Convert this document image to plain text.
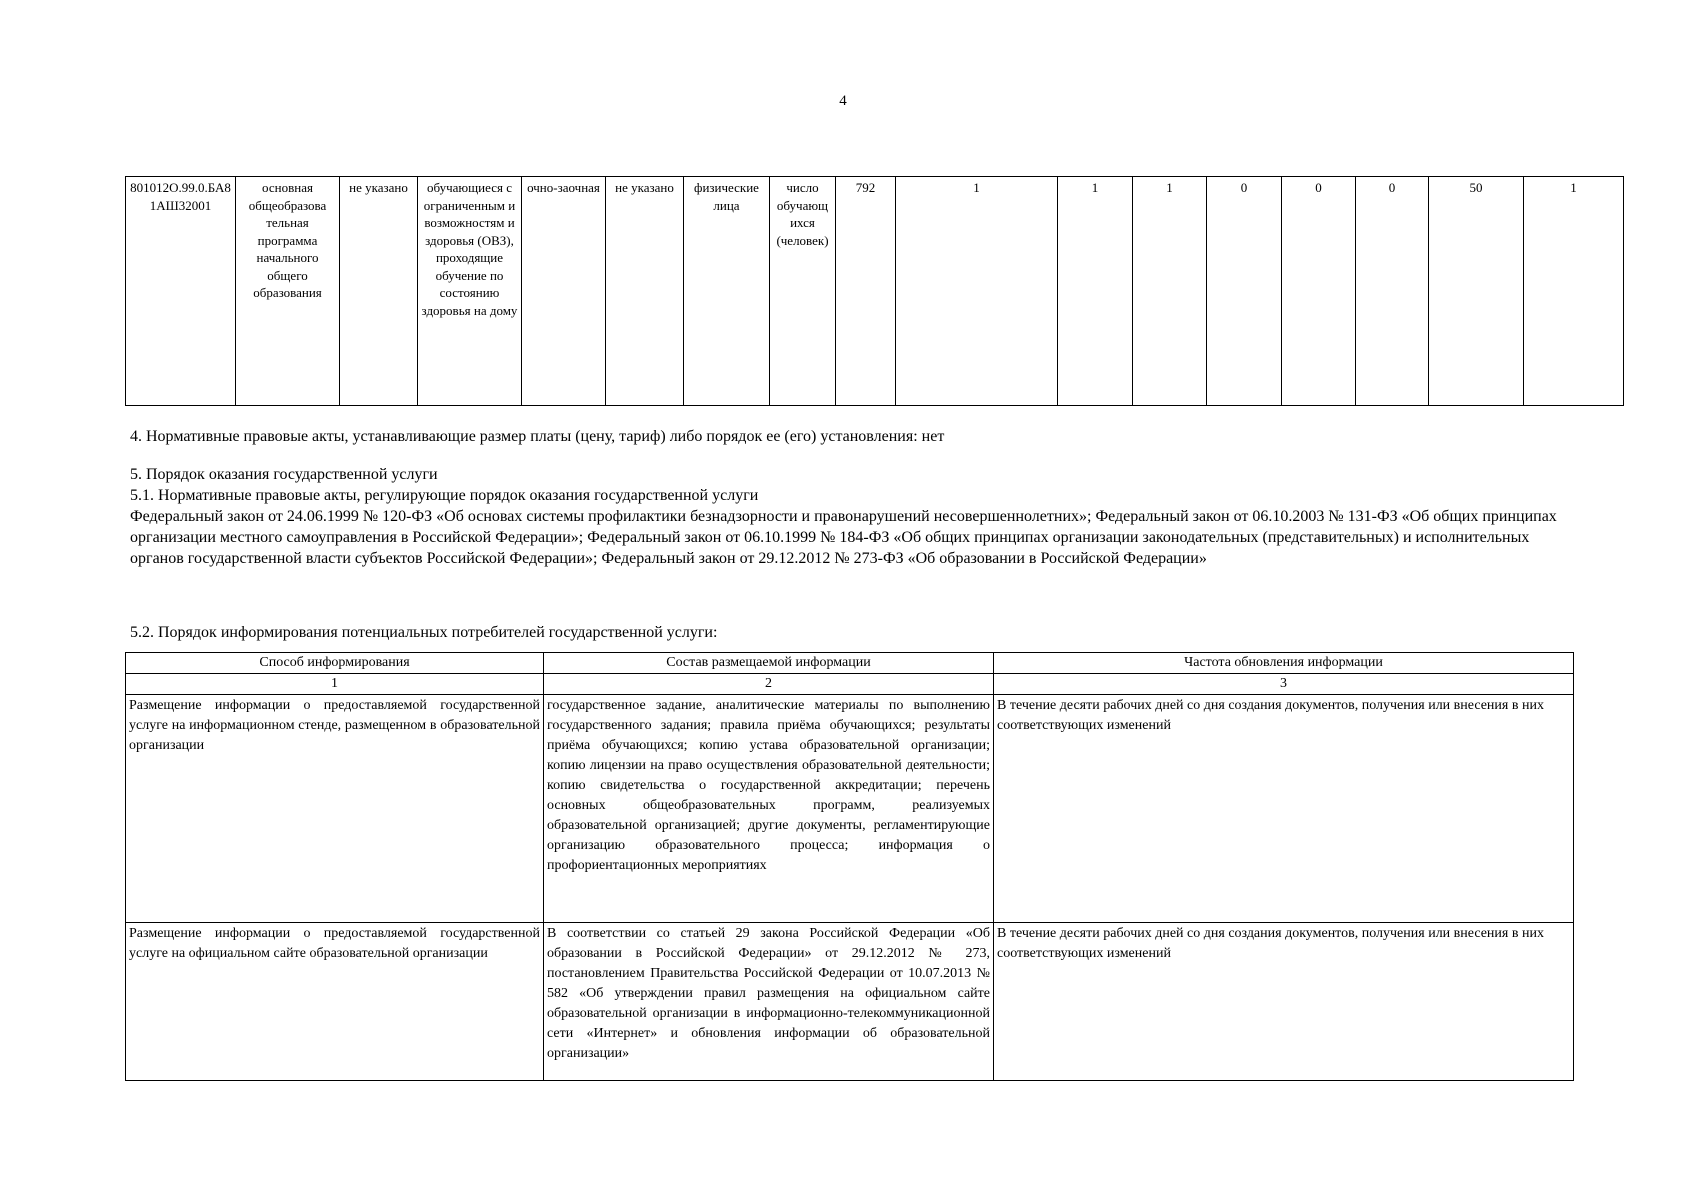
4
801012О.99.0.БА81АШ32001	основная общеобразова тельная программа начального общего образования	не указано	обучающиеся с ограниченным и возможностям и здоровья (ОВЗ), проходящие обучение по состоянию здоровья на дому	очно-заочная	не указано	физические лица	число обучающ ихся (человек)	792	1	1	1	0	0	0	50	1
4. Нормативные правовые акты, устанавливающие размер платы (цену, тариф) либо порядок ее (его) установления: нет
5. Порядок оказания государственной услуги
5.1. Нормативные правовые акты, регулирующие порядок оказания государственной услуги
Федеральный закон от 24.06.1999 № 120-ФЗ «Об основах системы профилактики безнадзорности и правонарушений несовершеннолетних»; Федеральный закон от 06.10.2003 № 131-ФЗ «Об общих принципах организации местного самоуправления в Российской Федерации»; Федеральный закон от 06.10.1999 № 184-ФЗ «Об общих принципах организации законодательных (представительных) и исполнительных органов государственной власти субъектов Российской Федерации»; Федеральный закон от 29.12.2012 № 273-ФЗ «Об образовании в Российской Федерации»
5.2. Порядок информирования потенциальных потребителей государственной услуги:
Способ информирования	Состав размещаемой информации	Частота обновления информации
1	2	3
Размещение информации о предоставляемой государственной услуге на информационном стенде, размещенном в образовательной организации	государственное задание, аналитические материалы по выполнению государственного задания; правила приёма обучающихся; результаты приёма обучающихся; копию устава образовательной организации; копию лицензии на право осуществления образовательной деятельности; копию свидетельства о государственной аккредитации; перечень основных общеобразовательных программ, реализуемых образовательной организацией; другие документы, регламентирующие организацию образовательного процесса; информация о профориентационных мероприятиях	В течение десяти рабочих дней со дня создания документов, получения или внесения в них соответствующих изменений
Размещение информации о предоставляемой государственной услуге на официальном сайте образовательной организации	В соответствии со статьей 29 закона Российской Федерации «Об образовании в Российской Федерации» от 29.12.2012 № 273, постановлением Правительства Российской Федерации от 10.07.2013 № 582 «Об утверждении правил размещения на официальном сайте образовательной организации в информационно-телекоммуникационной сети «Интернет» и обновления информации об образовательной организации»	В течение десяти рабочих дней со дня создания документов, получения или внесения в них соответствующих изменений
